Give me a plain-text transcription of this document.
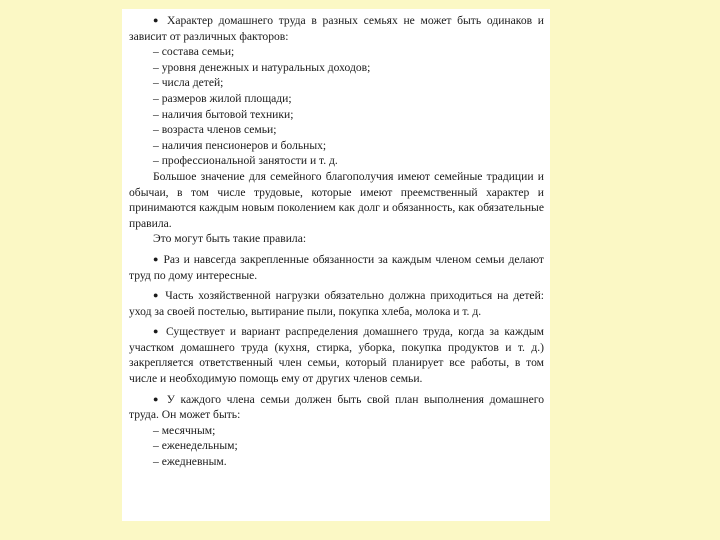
● Характер домашнего труда в разных семьях не может быть одинаков и зависит от различных факторов:

– состава семьи;

– уровня денежных и натуральных доходов;

– числа детей;

– размеров жилой площади;

– наличия бытовой техники;

– возраста членов семьи;

– наличия пенсионеров и больных;

– профессиональной занятости и т. д.

Большое значение для семейного благополучия имеют семейные традиции и обычаи, в том числе трудовые, которые имеют преемственный характер и принимаются каждым новым поколением как долг и обязанность, как обязательные правила.

Это могут быть такие правила:

● Раз и навсегда закрепленные обязанности за каждым членом семьи делают труд по дому интересные.

● Часть хозяйственной нагрузки обязательно должна приходиться на детей: уход за своей постелью, вытирание пыли, покупка хлеба, молока и т. д.

● Существует и вариант распределения домашнего труда, когда за каждым участком домашнего труда (кухня, стирка, уборка, покупка продуктов и т. д.) закрепляется ответственный член семьи, который планирует все работы, в том числе и необходимую помощь ему от других членов семьи.

● У каждого члена семьи должен быть свой план выполнения домашнего труда. Он может быть:

– месячным;

– еженедельным;

– ежедневным.
